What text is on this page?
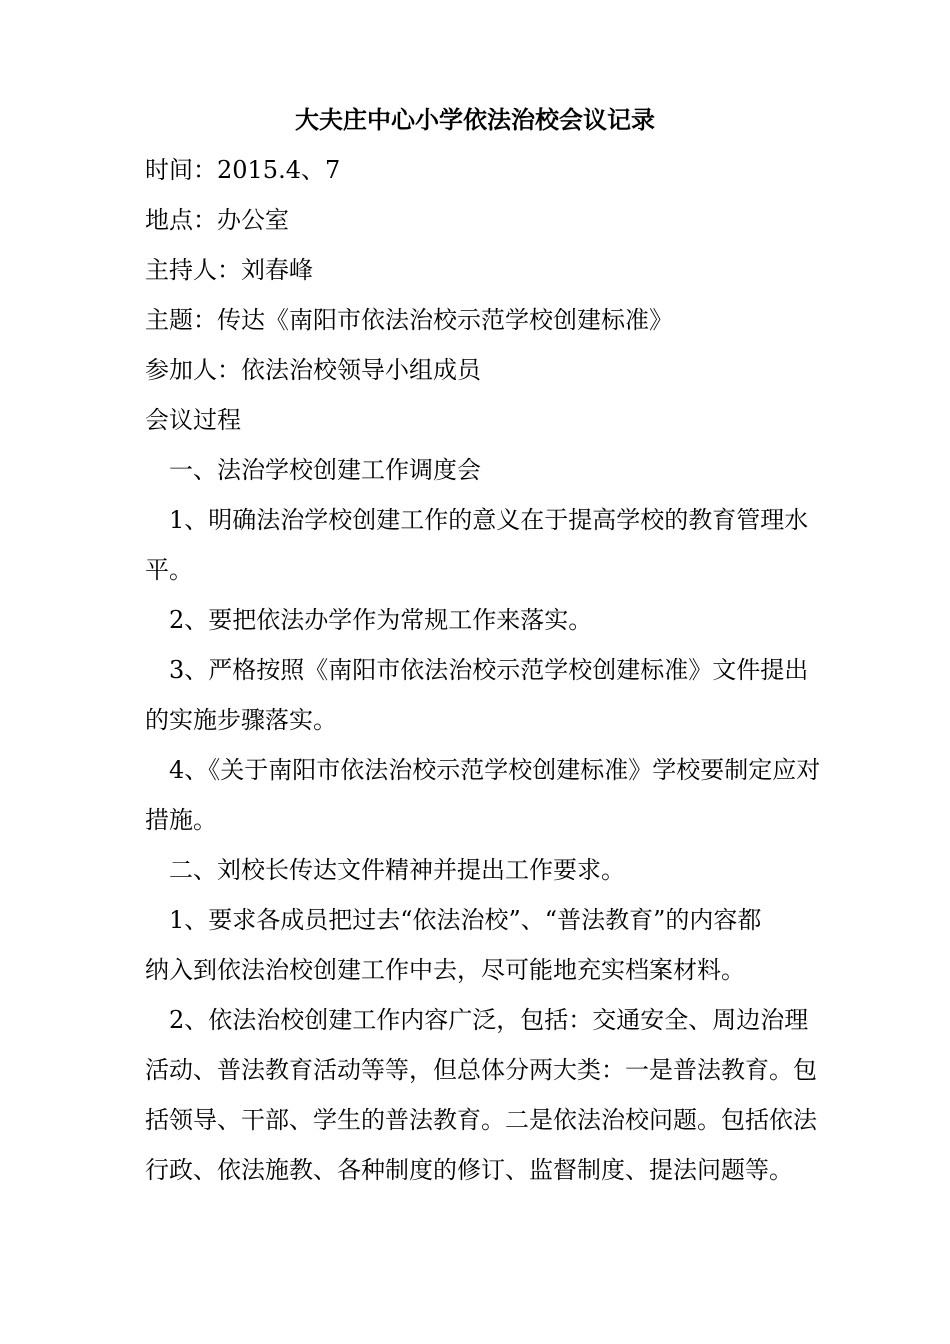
大夫庄中心小学依法治校会议记录
时间：2015.4、7
地点：办公室
主持人：刘春峰
主题：传达《南阳市依法治校示范学校创建标准》
参加人：依法治校领导小组成员
会议过程
一、法治学校创建工作调度会
1、明确法治学校创建工作的意义在于提高学校的教育管理水
平。
2、要把依法办学作为常规工作来落实。
3、严格按照《南阳市依法治校示范学校创建标准》文件提出
的实施步骤落实。
4、《关于南阳市依法治校示范学校创建标准》学校要制定应对
措施。
二、刘校长传达文件精神并提出工作要求。
1、要求各成员把过去“依法治校”、“普法教育”的内容都
纳入到依法治校创建工作中去，尽可能地充实档案材料。
2、依法治校创建工作内容广泛，包括：交通安全、周边治理
活动、普法教育活动等等，但总体分两大类：一是普法教育。包
括领导、干部、学生的普法教育。二是依法治校问题。包括依法
行政、依法施教、各种制度的修订、监督制度、提法问题等。
